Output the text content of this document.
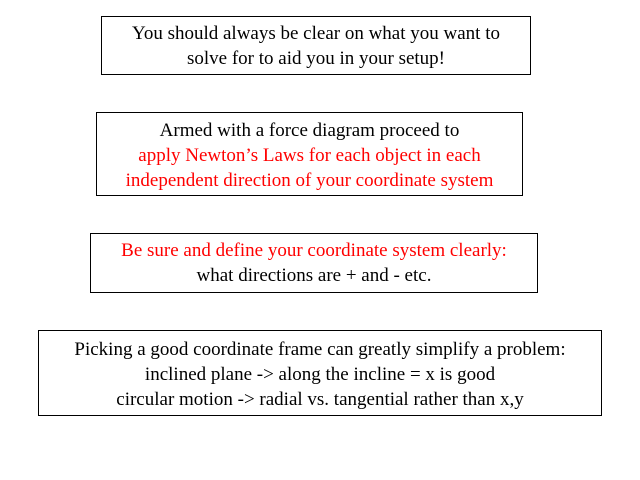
You should always be clear on what you want to
solve for to aid you in your setup!
Armed with a force diagram proceed to
apply Newton’s Laws for each object in each
independent direction of your coordinate system
Be sure and define your coordinate system clearly:
what directions are + and - etc.
Picking a good coordinate frame can greatly simplify a problem:
inclined plane -> along the incline = x is good
circular motion -> radial vs. tangential rather than x,y
